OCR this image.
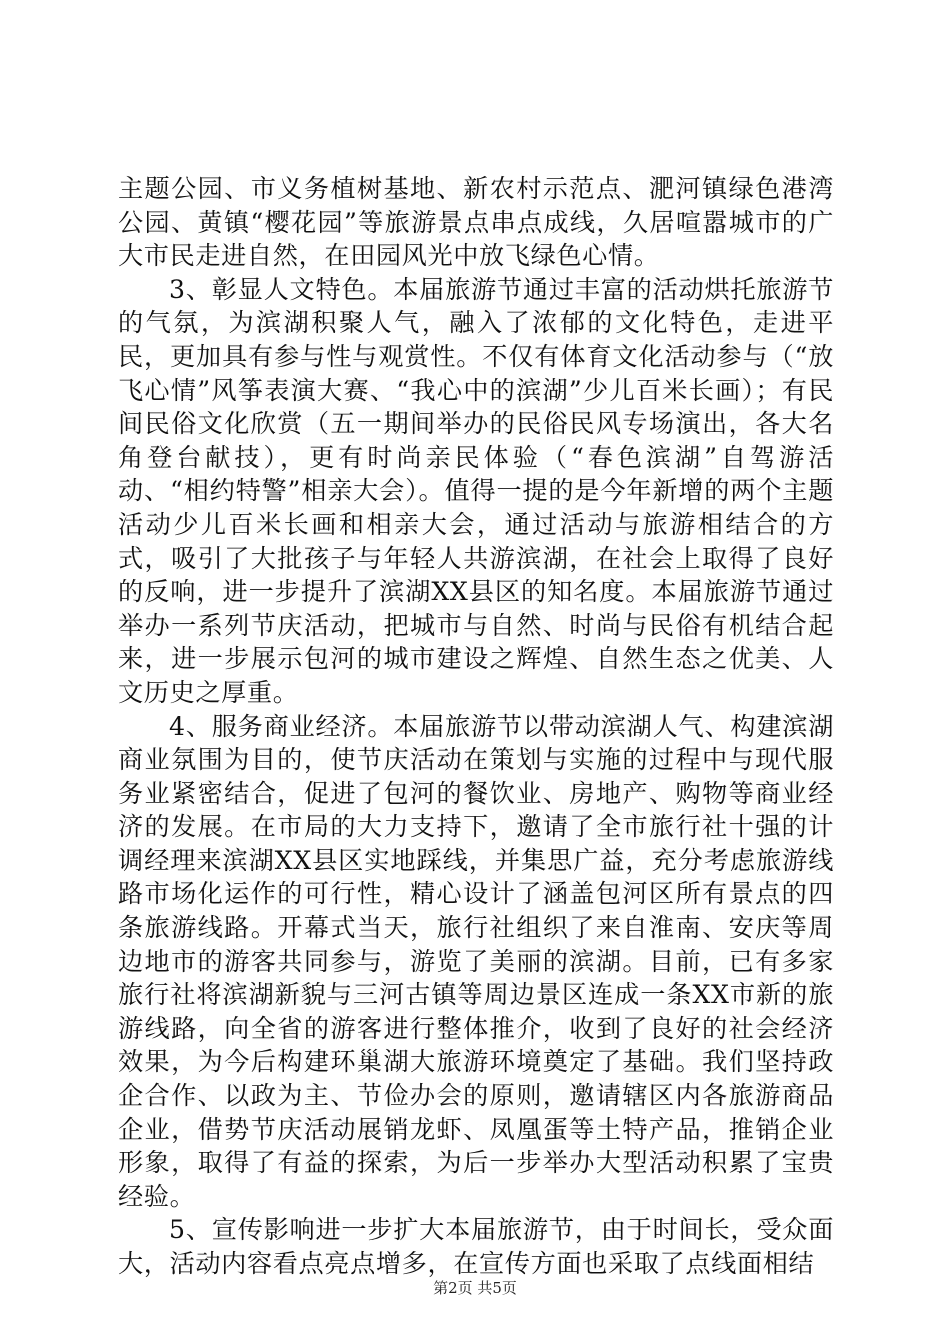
主题公园、市义务植树基地、新农村示范点、淝河镇绿色港湾公园、黄镇“樱花园”等旅游景点串点成线，久居喧嚣城市的广大市民走进自然，在田园风光中放飞绿色心情。

3、彰显人文特色。本届旅游节通过丰富的活动烘托旅游节的气氛，为滨湖积聚人气，融入了浓郁的文化特色，走进平民，更加具有参与性与观赏性。不仅有体育文化活动参与（“放飞心情”风筝表演大赛、“我心中的滨湖”少儿百米长画）；有民间民俗文化欣赏（五一期间举办的民俗民风专场演出，各大名角登台献技），更有时尚亲民体验（“春色滨湖”自驾游活动、“相约特警”相亲大会）。值得一提的是今年新增的两个主题活动少儿百米长画和相亲大会，通过活动与旅游相结合的方式，吸引了大批孩子与年轻人共游滨湖，在社会上取得了良好的反响，进一步提升了滨湖XX县区的知名度。本届旅游节通过举办一系列节庆活动，把城市与自然、时尚与民俗有机结合起来，进一步展示包河的城市建设之辉煌、自然生态之优美、人文历史之厚重。

4、服务商业经济。本届旅游节以带动滨湖人气、构建滨湖商业氛围为目的，使节庆活动在策划与实施的过程中与现代服务业紧密结合，促进了包河的餐饮业、房地产、购物等商业经济的发展。在市局的大力支持下，邀请了全市旅行社十强的计调经理来滨湖XX县区实地踩线，并集思广益，充分考虑旅游线路市场化运作的可行性，精心设计了涵盖包河区所有景点的四条旅游线路。开幕式当天，旅行社组织了来自淮南、安庆等周边地市的游客共同参与，游览了美丽的滨湖。目前，已有多家旅行社将滨湖新貌与三河古镇等周边景区连成一条XX市新的旅游线路，向全省的游客进行整体推介，收到了良好的社会经济效果，为今后构建环巢湖大旅游环境奠定了基础。我们坚持政企合作、以政为主、节俭办会的原则，邀请辖区内各旅游商品企业，借势节庆活动展销龙虾、凤凰蛋等土特产品，推销企业形象，取得了有益的探索，为后一步举办大型活动积累了宝贵经验。

5、宣传影响进一步扩大本届旅游节，由于时间长，受众面大，活动内容看点亮点增多，在宣传方面也采取了点线面相结

第2页 共5页
